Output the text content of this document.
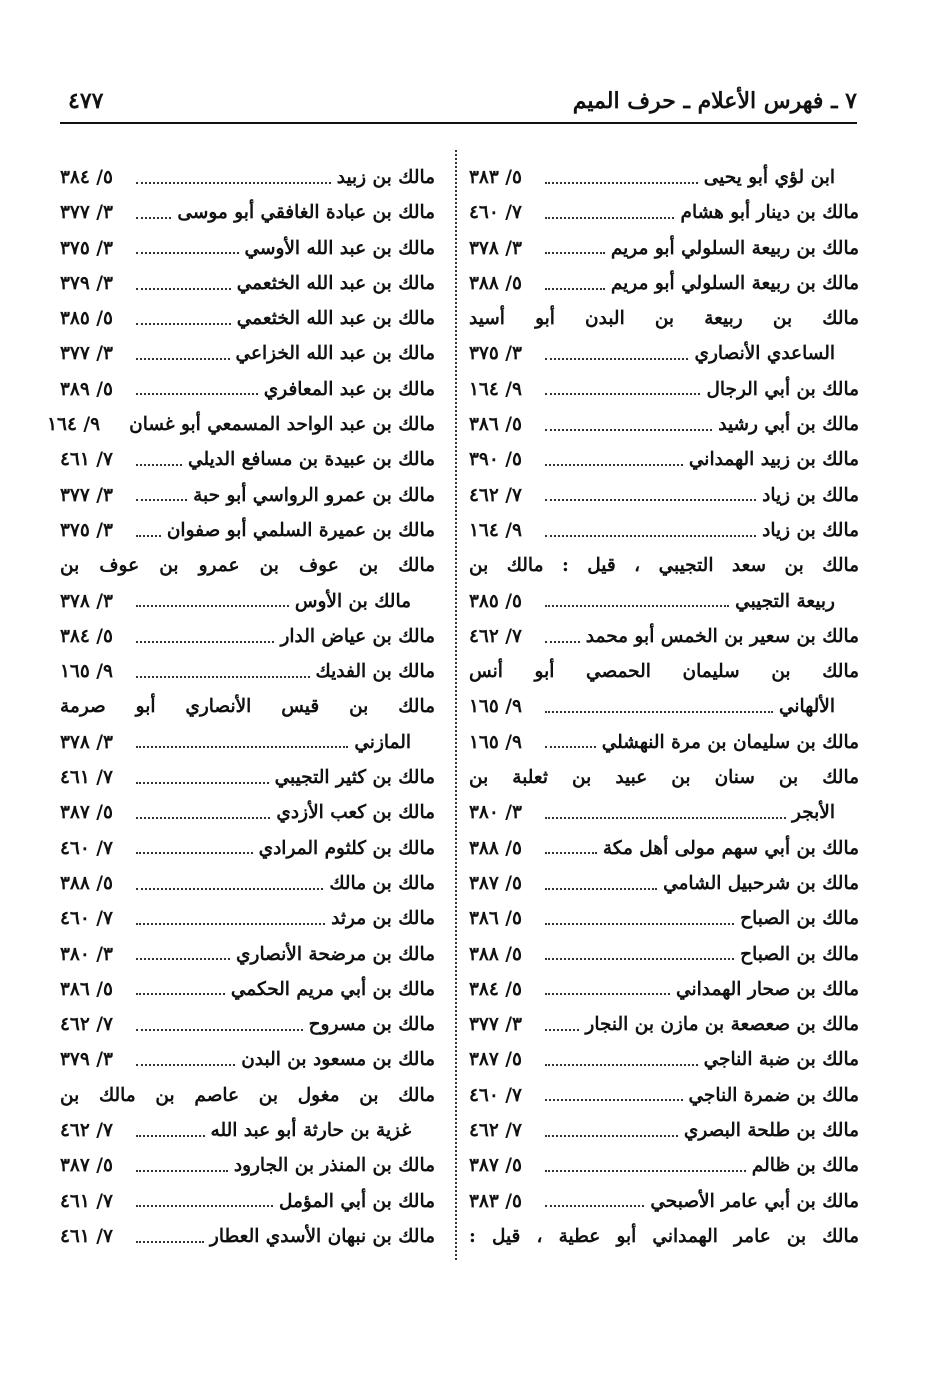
٧ ـ فهرس الأعلام ـ حرف الميم
٤٧٧
ابن لؤي أبو يحيى
٥/ ٣٨٣
مالك بن دينار أبو هشام
٧/ ٤٦٠
مالك بن ربيعة السلولي أبو مريم
٣/ ٣٧٨
مالك بن ربيعة السلولي أبو مريم
٥/ ٣٨٨
مالك بن ربيعة بن البدن أبو أسيد
الساعدي الأنصاري
٣/ ٣٧٥
مالك بن أبي الرجال
٩/ ١٦٤
مالك بن أبي رشيد
٥/ ٣٨٦
مالك بن زبيد الهمداني
٥/ ٣٩٠
مالك بن زياد
٧/ ٤٦٢
مالك بن زياد
٩/ ١٦٤
مالك بن سعد التجيبي ، قيل : مالك بن
ربيعة التجيبي
٥/ ٣٨٥
مالك بن سعير بن الخمس أبو محمد
٧/ ٤٦٢
مالك بن سليمان الحمصي أبو أنس
الألهاني
٩/ ١٦٥
مالك بن سليمان بن مرة النهشلي
٩/ ١٦٥
مالك بن سنان بن عبيد بن ثعلبة بن
الأبجر
٣/ ٣٨٠
مالك بن أبي سهم مولى أهل مكة
٥/ ٣٨٨
مالك بن شرحبيل الشامي
٥/ ٣٨٧
مالك بن الصباح
٥/ ٣٨٦
مالك بن الصباح
٥/ ٣٨٨
مالك بن صحار الهمداني
٥/ ٣٨٤
مالك بن صعصعة بن مازن بن النجار
٣/ ٣٧٧
مالك بن ضبة الناجي
٥/ ٣٨٧
مالك بن ضمرة الناجي
٧/ ٤٦٠
مالك بن طلحة البصري
٧/ ٤٦٢
مالك بن ظالم
٥/ ٣٨٧
مالك بن أبي عامر الأصبحي
٥/ ٣٨٣
مالك بن عامر الهمداني أبو عطية ، قيل :
مالك بن زبيد
٥/ ٣٨٤
مالك بن عبادة الغافقي أبو موسى
٣/ ٣٧٧
مالك بن عبد الله الأوسي
٣/ ٣٧٥
مالك بن عبد الله الخثعمي
٣/ ٣٧٩
مالك بن عبد الله الخثعمي
٥/ ٣٨٥
مالك بن عبد الله الخزاعي
٣/ ٣٧٧
مالك بن عبد المعافري
٥/ ٣٨٩
مالك بن عبد الواحد المسمعي أبو غسان
٩/ ١٦٤
مالك بن عبيدة بن مسافع الديلي
٧/ ٤٦١
مالك بن عمرو الرواسي أبو حبة
٣/ ٣٧٧
مالك بن عميرة السلمي أبو صفوان
٣/ ٣٧٥
مالك بن عوف بن عمرو بن عوف بن
مالك بن الأوس
٣/ ٣٧٨
مالك بن عياض الدار
٥/ ٣٨٤
مالك بن الفديك
٩/ ١٦٥
مالك بن قيس الأنصاري أبو صرمة
المازني
٣/ ٣٧٨
مالك بن كثير التجيبي
٧/ ٤٦١
مالك بن كعب الأزدي
٥/ ٣٨٧
مالك بن كلثوم المرادي
٧/ ٤٦٠
مالك بن مالك
٥/ ٣٨٨
مالك بن مرثد
٧/ ٤٦٠
مالك بن مرضحة الأنصاري
٣/ ٣٨٠
مالك بن أبي مريم الحكمي
٥/ ٣٨٦
مالك بن مسروح
٧/ ٤٦٢
مالك بن مسعود بن البدن
٣/ ٣٧٩
مالك بن مغول بن عاصم بن مالك بن
غزية بن حارثة أبو عبد الله
٧/ ٤٦٢
مالك بن المنذر بن الجارود
٥/ ٣٨٧
مالك بن أبي المؤمل
٧/ ٤٦١
مالك بن نبهان الأسدي العطار
٧/ ٤٦١
